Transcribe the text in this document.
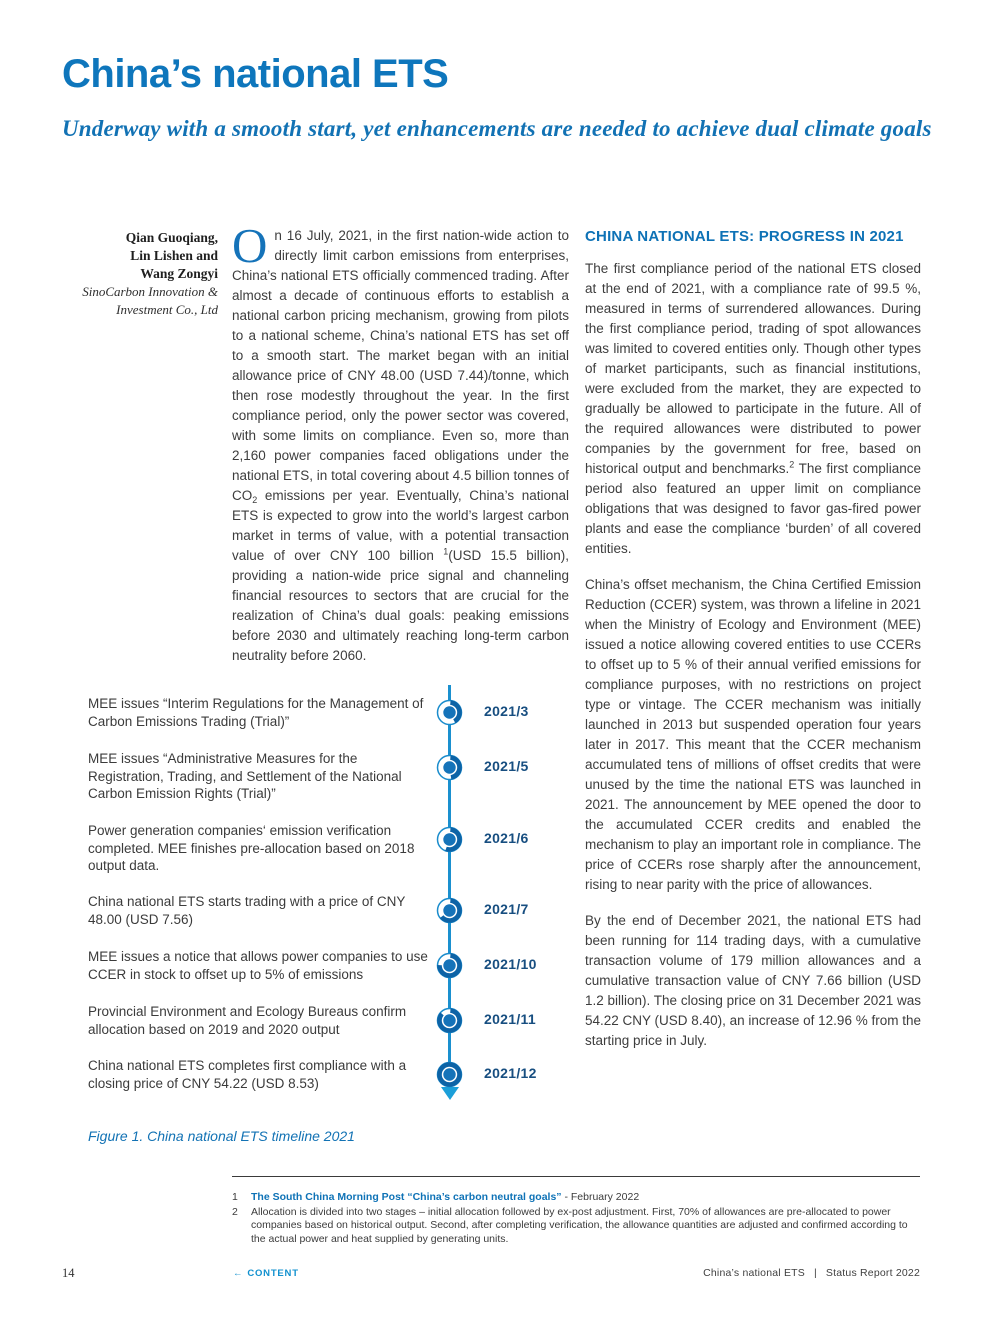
China’s national ETS
Underway with a smooth start, yet enhancements are needed to achieve dual climate goals
Qian Guoqiang,
Lin Lishen and
Wang Zongyi
SinoCarbon Innovation &
Investment Co., Ltd

On 16 July, 2021, in the first nation-wide action to directly limit carbon emissions from enterprises, China’s national ETS officially commenced trading. After almost a decade of continuous efforts to establish a national carbon pricing mechanism, growing from pilots to a national scheme, China’s national ETS has set off to a smooth start. The market began with an initial allowance price of CNY 48.00 (USD 7.44)/tonne, which then rose modestly throughout the year. In the first compliance period, only the power sector was covered, with some limits on compliance. Even so, more than 2,160 power companies faced obligations under the national ETS, in total covering about 4.5 billion tonnes of $CO_2$ emissions per year. Eventually, China’s national ETS is expected to grow into the world’s largest carbon market in terms of value, with a potential transaction value of over CNY 100 billion $^1$(USD 15.5 billion), providing a nation-wide price signal and channeling financial resources to sectors that are crucial for the realization of China’s dual goals: peaking emissions before 2030 and ultimately reaching long-term carbon neutrality before 2060.

CHINA NATIONAL ETS: PROGRESS IN 2021

The first compliance period of the national ETS closed at the end of 2021, with a compliance rate of 99.5 %, measured in terms of surrendered allowances. During the first compliance period, trading of spot allowances was limited to covered entities only. Though other types of market participants, such as financial institutions, were excluded from the market, they are expected to gradually be allowed to participate in the future. All of the required allowances were distributed to power companies by the government for free, based on historical output and benchmarks.$^2$ The first compliance period also featured an upper limit on compliance obligations that was designed to favor gas-fired power plants and ease the compliance ‘burden’ of all covered entities.

China’s offset mechanism, the China Certified Emission Reduction (CCER) system, was thrown a lifeline in 2021 when the Ministry of Ecology and Environment (MEE) issued a notice allowing covered entities to use CCERs to offset up to 5 % of their annual verified emissions for compliance purposes, with no restrictions on project type or vintage. The CCER mechanism was initially launched in 2013 but suspended operation four years later in 2017. This meant that the CCER mechanism accumulated tens of millions of offset credits that were unused by the time the national ETS was launched in 2021. The announcement by MEE opened the door to the accumulated CCER credits and enabled the mechanism to play an important role in compliance. The price of CCERs rose sharply after the announcement, rising to near parity with the price of allowances.

By the end of December 2021, the national ETS had been running for 114 trading days, with a cumulative transaction volume of 179 million allowances and a cumulative transaction value of CNY 7.66 billion (USD 1.2 billion). The closing price on 31 December 2021 was 54.22 CNY (USD 8.40), an increase of 12.96 % from the starting price in July.

MEE issues “Interim Regulations for the Management of Carbon Emissions Trading (Trial)”
2021/3
MEE issues “Administrative Measures for the Registration, Trading, and Settlement of the National Carbon Emission Rights (Trial)”
2021/5
Power generation companies‘ emission verification completed. MEE finishes pre-allocation based on 2018 output data.
2021/6
China national ETS starts trading with a price of CNY 48.00 (USD 7.56)
2021/7
MEE issues a notice that allows power companies to use CCER in stock to offset up to 5% of emissions
2021/10
Provincial Environment and Ecology Bureaus confirm allocation based on 2019 and 2020 output
2021/11
China national ETS completes first compliance with a closing price of CNY 54.22 (USD 8.53)
2021/12
Figure 1. China national ETS timeline 2021
1	The South China Morning Post “China’s carbon neutral goals” - February 2022
2	Allocation is divided into two stages – initial allocation followed by ex-post adjustment. First, 70% of allowances are pre-allocated to power companies based on historical output. Second, after completing verification, the allowance quantities are adjusted and confirmed according to the actual power and heat supplied by generating units.
14	← CONTENT	China’s national ETS | Status Report 2022
